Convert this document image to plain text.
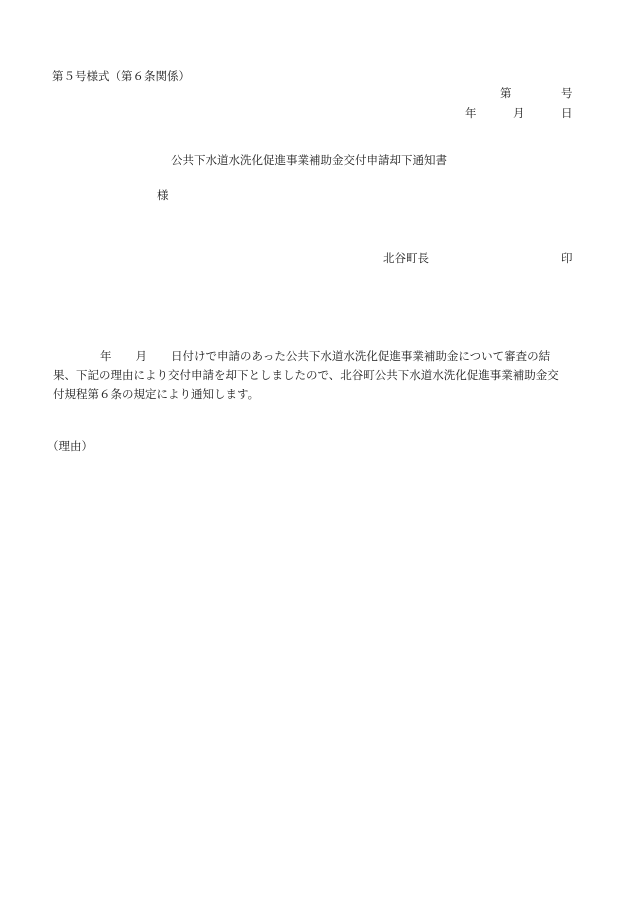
第５号様式（第６条関係）
第	号
年	月	日
公共下水道水洗化促進事業補助金交付申請却下通知書
様
北谷町長	印
年 月 日付けで申請のあった公共下水道水洗化促進事業補助金について審査の結
果、下記の理由により交付申請を却下としましたので、北谷町公共下水道水洗化促進事業補助金交
付規程第６条の規定により通知します。
（理由）
